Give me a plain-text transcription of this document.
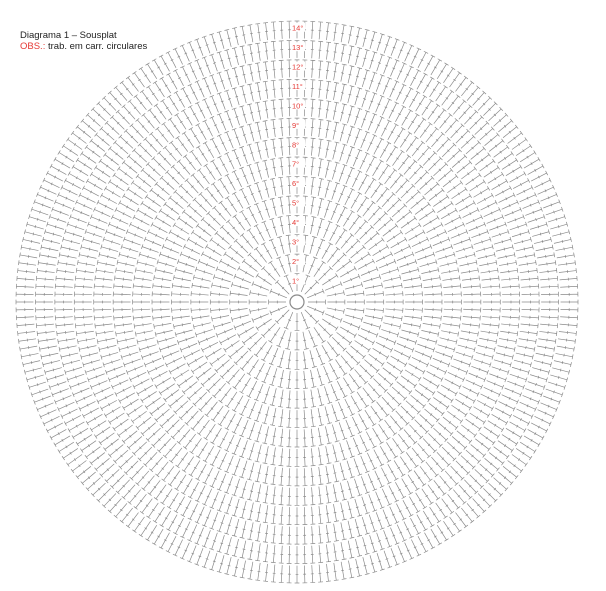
Diagrama 1 – Sousplat
OBS.: trab. em carr. circulares
1°
2°
3°
4°
5°
6°
7°
8°
9°
10°
11°
12°
13°
14°
